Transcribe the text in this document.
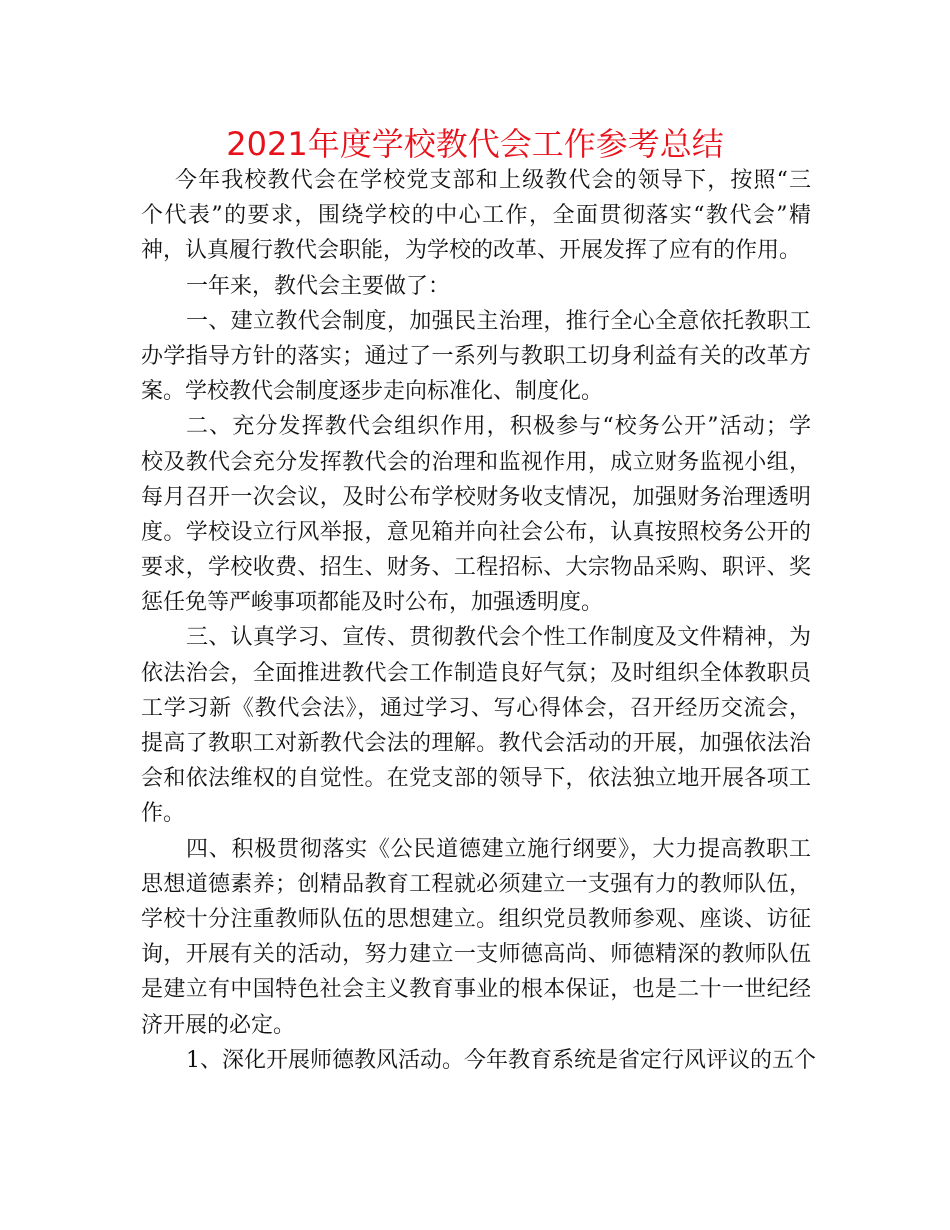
2021年度学校教代会工作参考总结
今年我校教代会在学校党支部和上级教代会的领导下，按照“三
个代表”的要求，围绕学校的中心工作，全面贯彻落实“教代会”精
神，认真履行教代会职能，为学校的改革、开展发挥了应有的作用。
一年来，教代会主要做了：
一、建立教代会制度，加强民主治理，推行全心全意依托教职工
办学指导方针的落实；通过了一系列与教职工切身利益有关的改革方
案。学校教代会制度逐步走向标准化、制度化。
二、充分发挥教代会组织作用，积极参与“校务公开”活动；学
校及教代会充分发挥教代会的治理和监视作用，成立财务监视小组，
每月召开一次会议，及时公布学校财务收支情况，加强财务治理透明
度。学校设立行风举报，意见箱并向社会公布，认真按照校务公开的
要求，学校收费、招生、财务、工程招标、大宗物品采购、职评、奖
惩任免等严峻事项都能及时公布，加强透明度。
三、认真学习、宣传、贯彻教代会个性工作制度及文件精神，为
依法治会，全面推进教代会工作制造良好气氛；及时组织全体教职员
工学习新《教代会法》，通过学习、写心得体会，召开经历交流会，
提高了教职工对新教代会法的理解。教代会活动的开展，加强依法治
会和依法维权的自觉性。在党支部的领导下，依法独立地开展各项工
作。
四、积极贯彻落实《公民道德建立施行纲要》，大力提高教职工
思想道德素养；创精品教育工程就必须建立一支强有力的教师队伍，
学校十分注重教师队伍的思想建立。组织党员教师参观、座谈、访征
询，开展有关的活动，努力建立一支师德高尚、师德精深的教师队伍
是建立有中国特色社会主义教育事业的根本保证，也是二十一世纪经
济开展的必定。
1、深化开展师德教风活动。今年教育系统是省定行风评议的五个
